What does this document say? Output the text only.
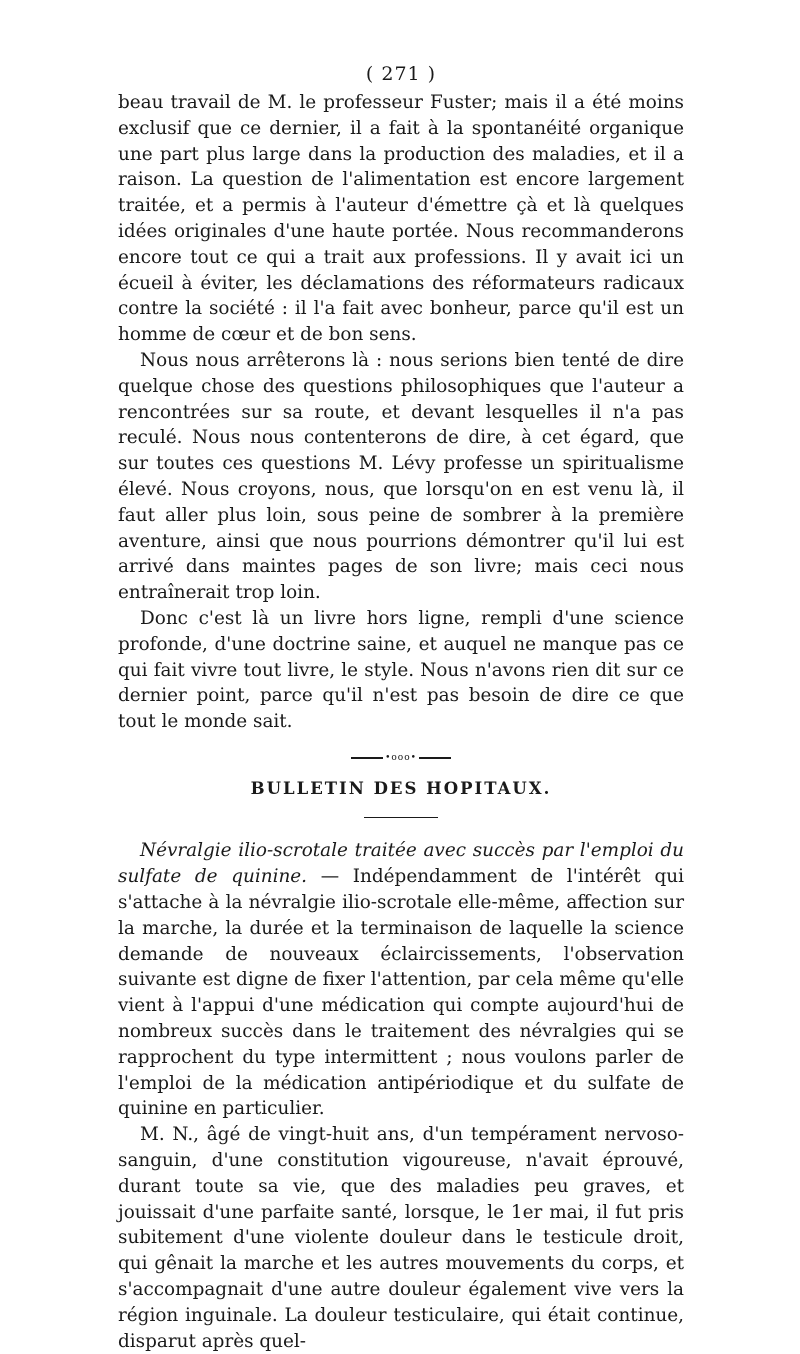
( 271 )

beau travail de M. le professeur Fuster; mais il a été moins exclusif que ce dernier, il a fait à la spontanéité organique une part plus large dans la production des maladies, et il a raison. La question de l'alimentation est encore largement traitée, et a permis à l'auteur d'émettre çà et là quelques idées originales d'une haute portée. Nous recommanderons encore tout ce qui a trait aux professions. Il y avait ici un écueil à éviter, les déclamations des réformateurs radicaux contre la société : il l'a fait avec bonheur, parce qu'il est un homme de cœur et de bon sens.

Nous nous arrêterons là : nous serions bien tenté de dire quelque chose des questions philosophiques que l'auteur a rencontrées sur sa route, et devant lesquelles il n'a pas reculé. Nous nous contenterons de dire, à cet égard, que sur toutes ces questions M. Lévy professe un spiritualisme élevé. Nous croyons, nous, que lorsqu'on en est venu là, il faut aller plus loin, sous peine de sombrer à la première aventure, ainsi que nous pourrions démontrer qu'il lui est arrivé dans maintes pages de son livre; mais ceci nous entraînerait trop loin.

Donc c'est là un livre hors ligne, rempli d'une science profonde, d'une doctrine saine, et auquel ne manque pas ce qui fait vivre tout livre, le style. Nous n'avons rien dit sur ce dernier point, parce qu'il n'est pas besoin de dire ce que tout le monde sait.

•ooo•
BULLETIN DES HOPITAUX.

Névralgie ilio-scrotale traitée avec succès par l'emploi du sulfate de quinine. — Indépendamment de l'intérêt qui s'attache à la névralgie ilio-scrotale elle-même, affection sur la marche, la durée et la terminaison de laquelle la science demande de nouveaux éclaircissements, l'observation suivante est digne de fixer l'attention, par cela même qu'elle vient à l'appui d'une médication qui compte aujourd'hui de nombreux succès dans le traitement des névralgies qui se rapprochent du type intermittent ; nous voulons parler de l'emploi de la médication antipériodique et du sulfate de quinine en particulier.

M. N., âgé de vingt-huit ans, d'un tempérament nervoso-sanguin, d'une constitution vigoureuse, n'avait éprouvé, durant toute sa vie, que des maladies peu graves, et jouissait d'une parfaite santé, lorsque, le 1er mai, il fut pris subitement d'une violente douleur dans le testicule droit, qui gênait la marche et les autres mouvements du corps, et s'accompagnait d'une autre douleur également vive vers la région inguinale. La douleur testiculaire, qui était continue, disparut après quel-
